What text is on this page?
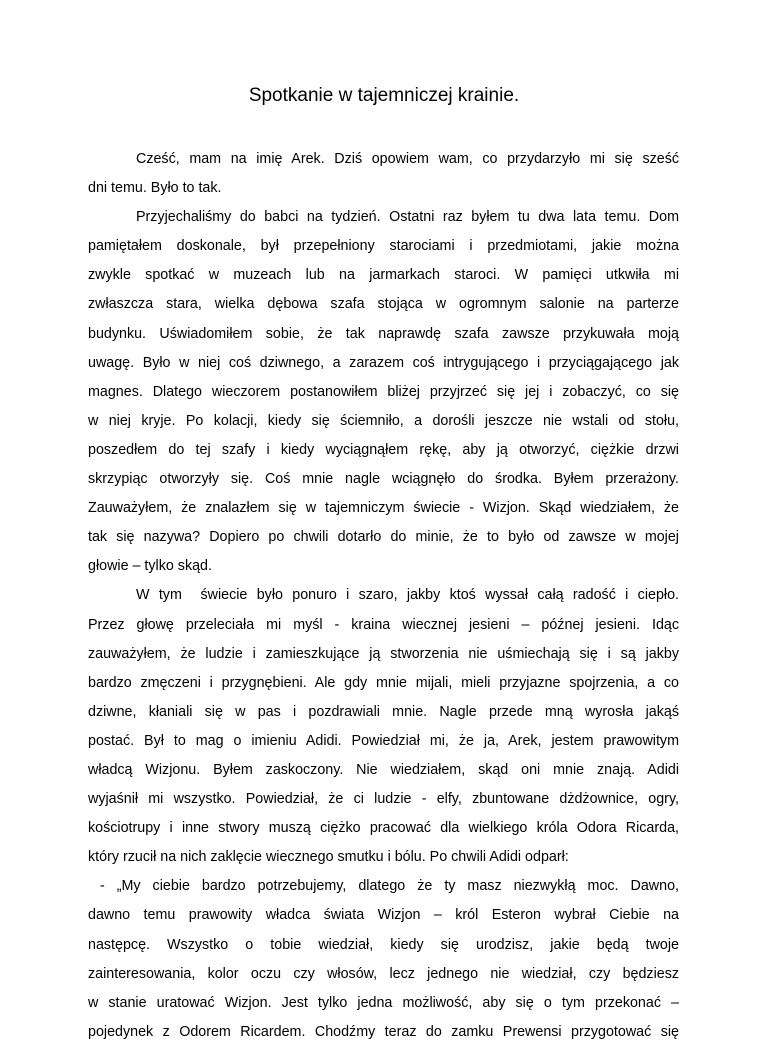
Spotkanie w tajemniczej krainie.
Cześć, mam na imię Arek. Dziś opowiem wam, co przydarzyło mi się sześć
dni temu. Było to tak.
Przyjechaliśmy do babci na tydzień. Ostatni raz byłem tu dwa lata temu. Dom
pamiętałem doskonale, był przepełniony starociami i przedmiotami, jakie można
zwykle spotkać w muzeach lub na jarmarkach staroci. W pamięci utkwiła mi
zwłaszcza stara, wielka dębowa szafa stojąca w ogromnym salonie na parterze
budynku. Uświadomiłem sobie, że tak naprawdę szafa zawsze przykuwała moją
uwagę. Było w niej coś dziwnego, a zarazem coś intrygującego i przyciągającego jak
magnes. Dlatego wieczorem postanowiłem bliżej przyjrzeć się jej i zobaczyć, co się
w niej kryje. Po kolacji, kiedy się ściemniło, a dorośli jeszcze nie wstali od stołu,
poszedłem do tej szafy i kiedy wyciągnąłem rękę, aby ją otworzyć, ciężkie drzwi
skrzypiąc otworzyły się. Coś mnie nagle wciągnęło do środka. Byłem przerażony.
Zauważyłem, że znalazłem się w tajemniczym świecie - Wizjon. Skąd wiedziałem, że
tak się nazywa? Dopiero po chwili dotarło do minie, że to było od zawsze w mojej
głowie – tylko skąd.
W tym  świecie było ponuro i szaro, jakby ktoś wyssał całą radość i ciepło.
Przez głowę przeleciała mi myśl - kraina wiecznej jesieni – późnej jesieni. Idąc
zauważyłem, że ludzie i zamieszkujące ją stworzenia nie uśmiechają się i są jakby
bardzo zmęczeni i przygnębieni. Ale gdy mnie mijali, mieli przyjazne spojrzenia, a co
dziwne, kłaniali się w pas i pozdrawiali mnie. Nagle przede mną wyrosła jakąś
postać. Był to mag o imieniu Adidi. Powiedział mi, że ja, Arek, jestem prawowitym
władcą Wizjonu. Byłem zaskoczony. Nie wiedziałem, skąd oni mnie znają. Adidi
wyjaśnił mi wszystko. Powiedział, że ci ludzie - elfy, zbuntowane dżdżownice, ogry,
kościotrupy i inne stwory muszą ciężko pracować dla wielkiego króla Odora Ricarda,
który rzucił na nich zaklęcie wiecznego smutku i bólu. Po chwili Adidi odparł:
- „My ciebie bardzo potrzebujemy, dlatego że ty masz niezwykłą moc. Dawno,
dawno temu prawowity władca świata Wizjon – król Esteron wybrał Ciebie na
następcę. Wszystko o tobie wiedział, kiedy się urodzisz, jakie będą twoje
zainteresowania, kolor oczu czy włosów, lecz jednego nie wiedział, czy będziesz
w stanie uratować Wizjon. Jest tylko jedna możliwość, aby się o tym przekonać –
pojedynek z Odorem Ricardem. Chodźmy teraz do zamku Prewensi przygotować się
